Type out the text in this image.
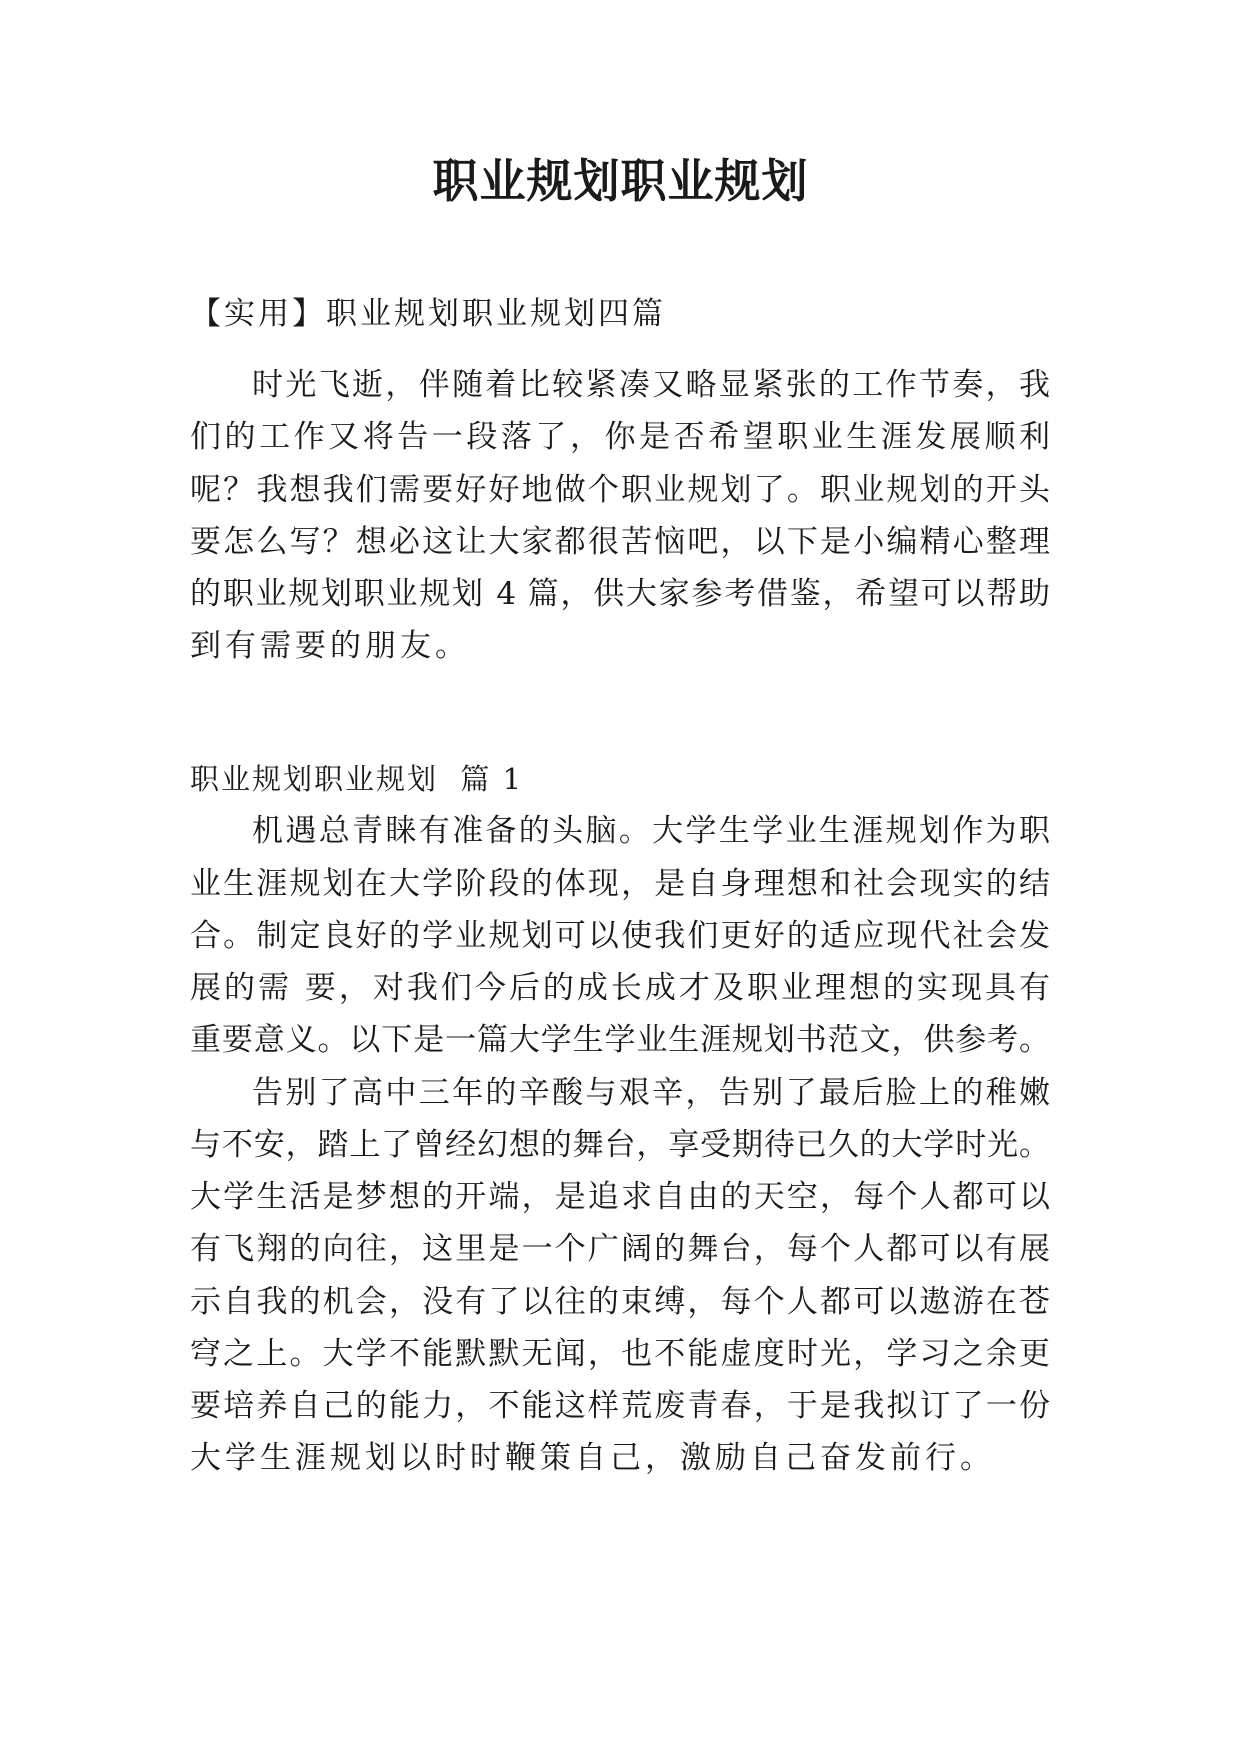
职业规划职业规划
【实用】职业规划职业规划四篇
时光飞逝，伴随着比较紧凑又略显紧张的工作节奏，我
们的工作又将告一段落了，你是否希望职业生涯发展顺利
呢？我想我们需要好好地做个职业规划了。职业规划的开头
要怎么写？想必这让大家都很苦恼吧，以下是小编精心整理
的职业规划职业规划 4 篇，供大家参考借鉴，希望可以帮助
到有需要的朋友。
职业规划职业规划  篇 1
机遇总青睐有准备的头脑。大学生学业生涯规划作为职
业生涯规划在大学阶段的体现，是自身理想和社会现实的结
合。制定良好的学业规划可以使我们更好的适应现代社会发
展的需 要，对我们今后的成长成才及职业理想的实现具有
重要意义。以下是一篇大学生学业生涯规划书范文，供参考。
告别了高中三年的辛酸与艰辛，告别了最后脸上的稚嫩
与不安，踏上了曾经幻想的舞台，享受期待已久的大学时光。
大学生活是梦想的开端，是追求自由的天空，每个人都可以
有飞翔的向往，这里是一个广阔的舞台，每个人都可以有展
示自我的机会，没有了以往的束缚，每个人都可以遨游在苍
穹之上。大学不能默默无闻，也不能虚度时光，学习之余更
要培养自己的能力，不能这样荒废青春，于是我拟订了一份
大学生涯规划以时时鞭策自己，激励自己奋发前行。
